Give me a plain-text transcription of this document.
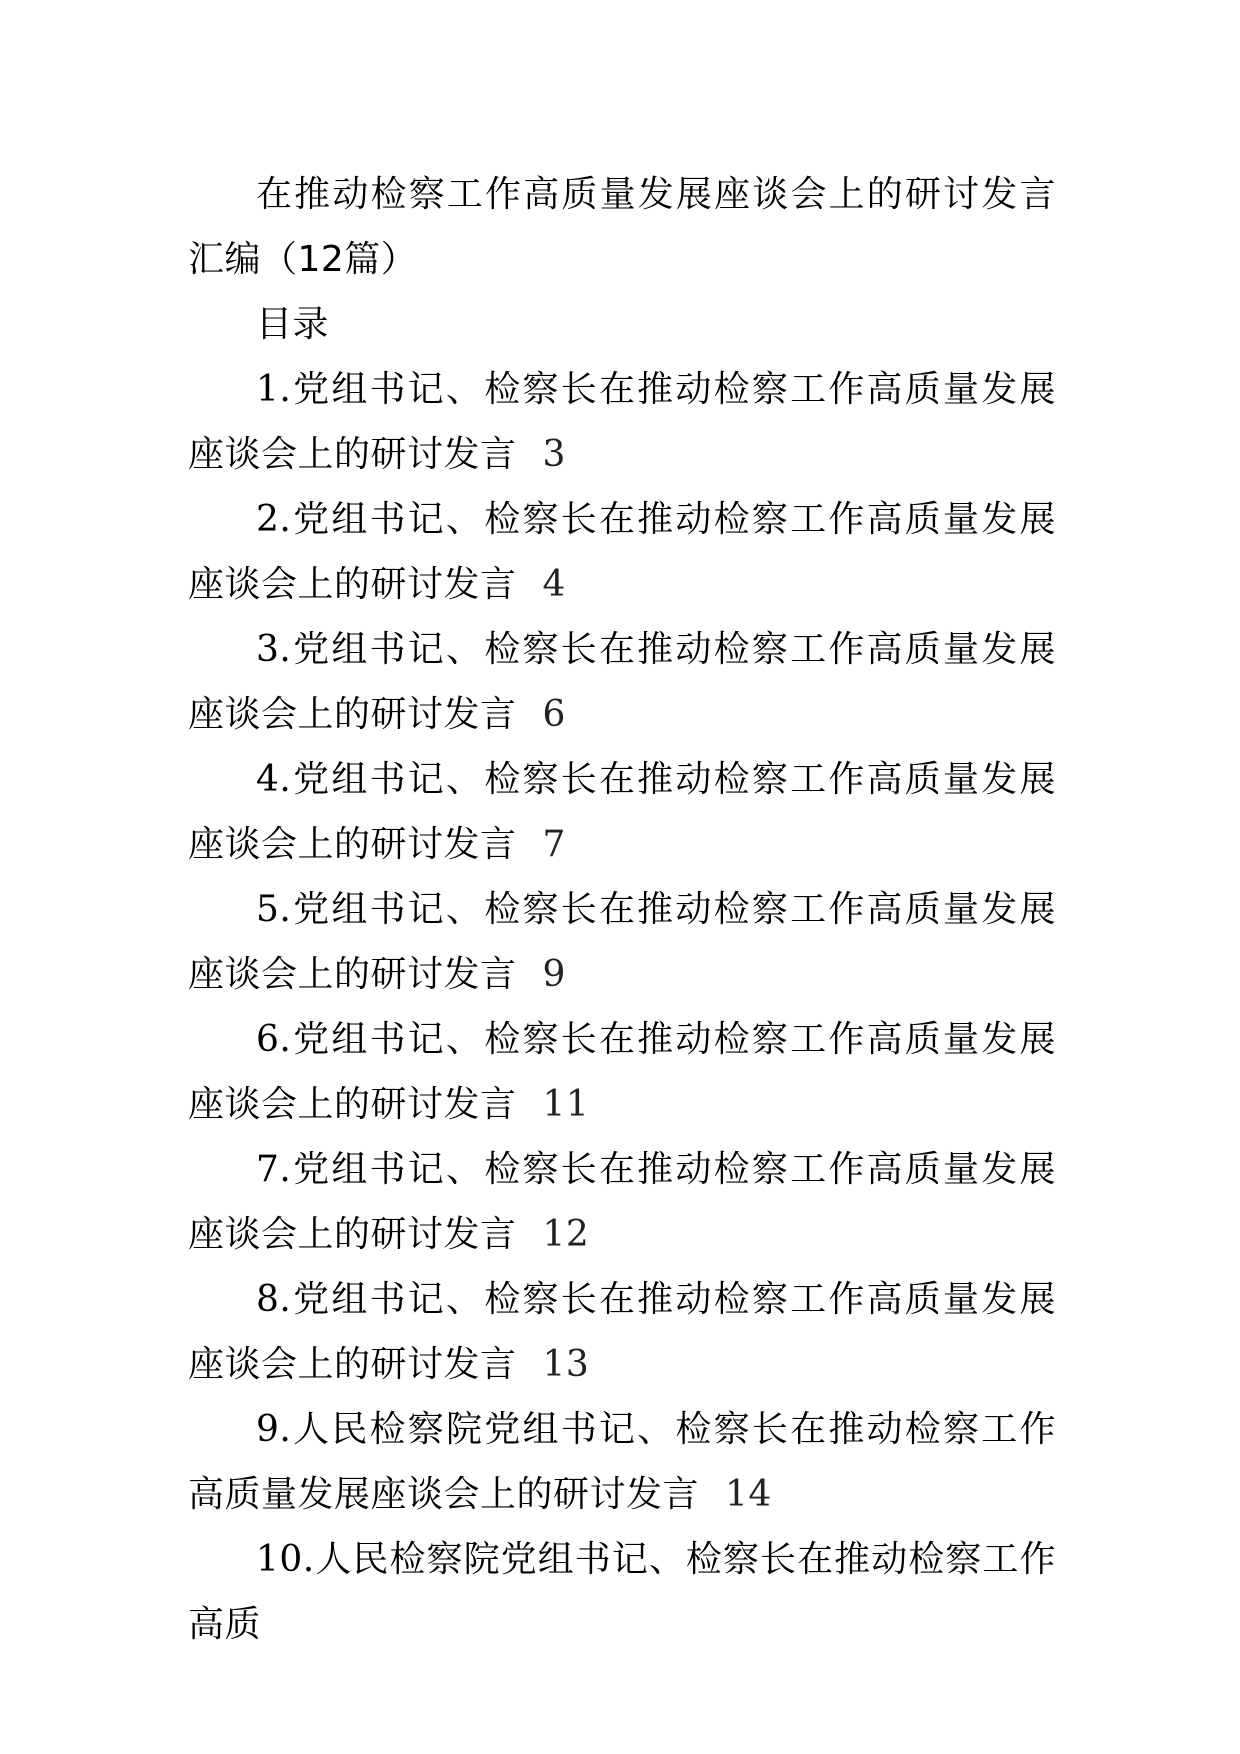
在推动检察工作高质量发展座谈会上的研讨发言汇编（12篇）

目录

1.党组书记、检察长在推动检察工作高质量发展座谈会上的研讨发言 3

2.党组书记、检察长在推动检察工作高质量发展座谈会上的研讨发言 4

3.党组书记、检察长在推动检察工作高质量发展座谈会上的研讨发言 6

4.党组书记、检察长在推动检察工作高质量发展座谈会上的研讨发言 7

5.党组书记、检察长在推动检察工作高质量发展座谈会上的研讨发言 9

6.党组书记、检察长在推动检察工作高质量发展座谈会上的研讨发言 11

7.党组书记、检察长在推动检察工作高质量发展座谈会上的研讨发言 12

8.党组书记、检察长在推动检察工作高质量发展座谈会上的研讨发言 13

9.人民检察院党组书记、检察长在推动检察工作高质量发展座谈会上的研讨发言 14

10.人民检察院党组书记、检察长在推动检察工作高质
